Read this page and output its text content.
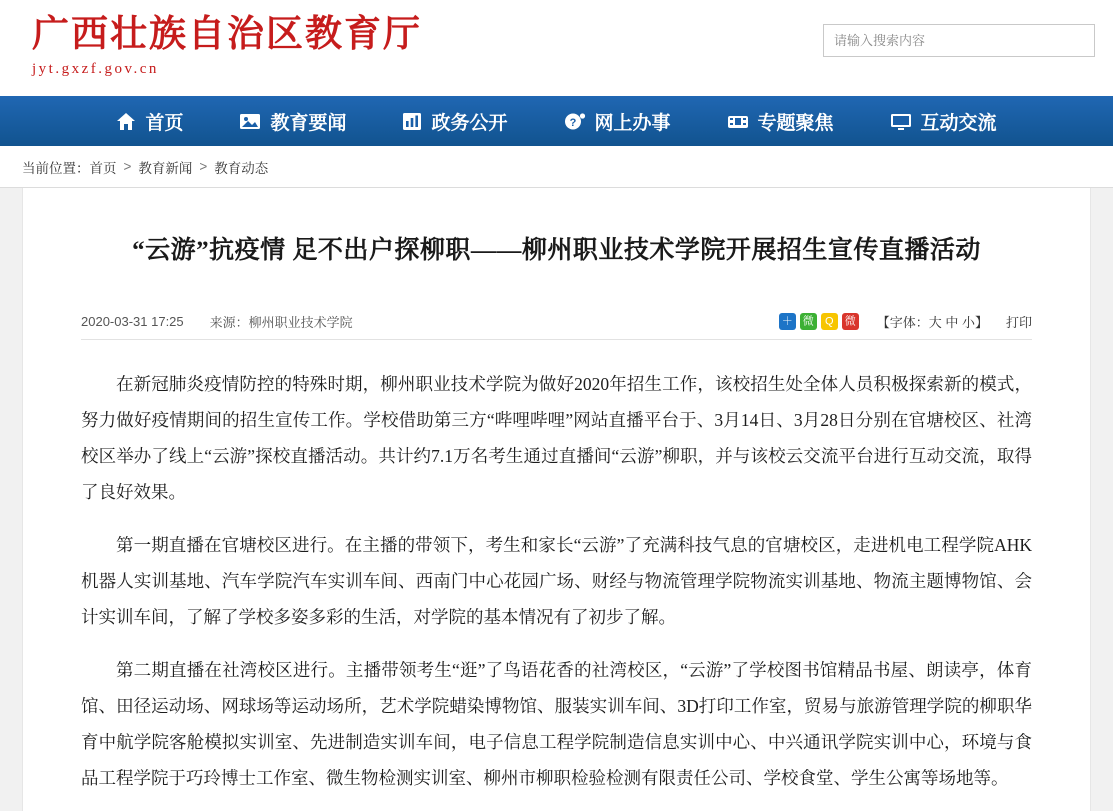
广西壮族自治区教育厅
jyt.gxzf.gov.cn
请输入搜索内容
首页	教育要闻	政务公开	? 网上办事	专题聚焦	互动交流
当前位置： 首页 > 教育新闻 > 教育动态
“云游”抗疫情 足不出户探柳职——柳州职业技术学院开展招生宣传直播活动
2020-03-31 17:25 来源：柳州职业技术学院	＋ 微 Q 微 【字体：大 中 小】 打印

在新冠肺炎疫情防控的特殊时期，柳州职业技术学院为做好2020年招生工作，该校招生处全体人员积极探索新的模式，努力做好疫情期间的招生宣传工作。学校借助第三方“哔哩哔哩”网站直播平台于、3月14日、3月28日分别在官塘校区、社湾校区举办了线上“云游”探校直播活动。共计约7.1万名考生通过直播间“云游”柳职，并与该校云交流平台进行互动交流，取得了良好效果。

第一期直播在官塘校区进行。在主播的带领下，考生和家长“云游”了充满科技气息的官塘校区，走进机电工程学院AHK机器人实训基地、汽车学院汽车实训车间、西南门中心花园广场、财经与物流管理学院物流实训基地、物流主题博物馆、会计实训车间，了解了学校多姿多彩的生活，对学院的基本情况有了初步了解。

第二期直播在社湾校区进行。主播带领考生“逛”了鸟语花香的社湾校区，“云游”了学校图书馆精品书屋、朗读亭，体育馆、田径运动场、网球场等运动场所，艺术学院蜡染博物馆、服装实训车间、3D打印工作室，贸易与旅游管理学院的柳职华育中航学院客舱模拟实训室、先进制造实训车间，电子信息工程学院制造信息实训中心、中兴通讯学院实训中心，环境与食品工程学院于巧玲博士工作室、微生物检测实训室、柳州市柳职检验检测有限责任公司、学校食堂、学生公寓等场地等。
